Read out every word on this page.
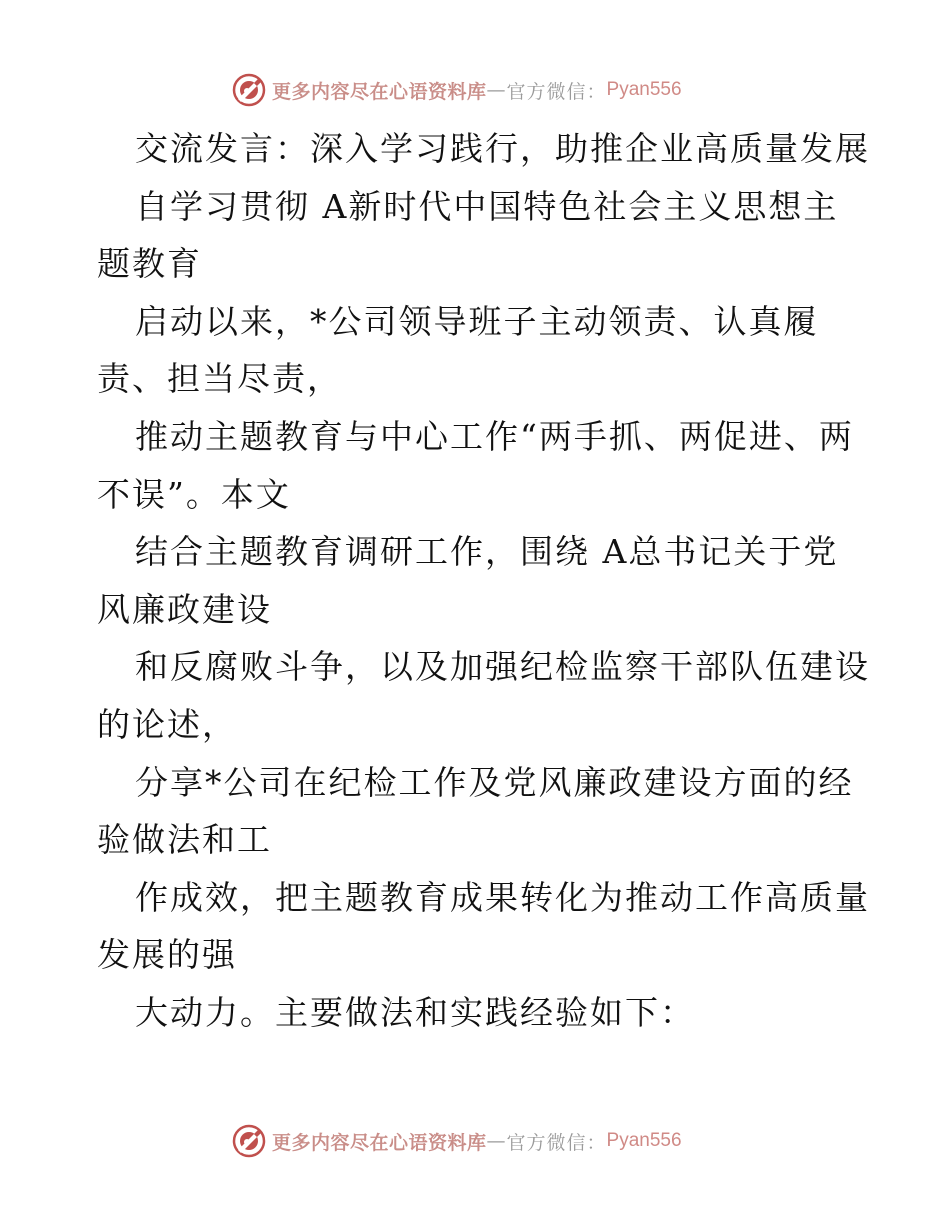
更多内容尽在心语资料库 — 官方微信： Pyan556
交流发言：深入学习践行，助推企业高质量发展
自学习贯彻 A新时代中国特色社会主义思想主
题教育
启动以来，*公司领导班子主动领责、认真履
责、担当尽责，
推动主题教育与中心工作“两手抓、两促进、两
不误”。本文
结合主题教育调研工作，围绕 A总书记关于党
风廉政建设
和反腐败斗争，以及加强纪检监察干部队伍建设
的论述，
分享*公司在纪检工作及党风廉政建设方面的经
验做法和工
作成效，把主题教育成果转化为推动工作高质量
发展的强
大动力。主要做法和实践经验如下：
更多内容尽在心语资料库 — 官方微信： Pyan556
